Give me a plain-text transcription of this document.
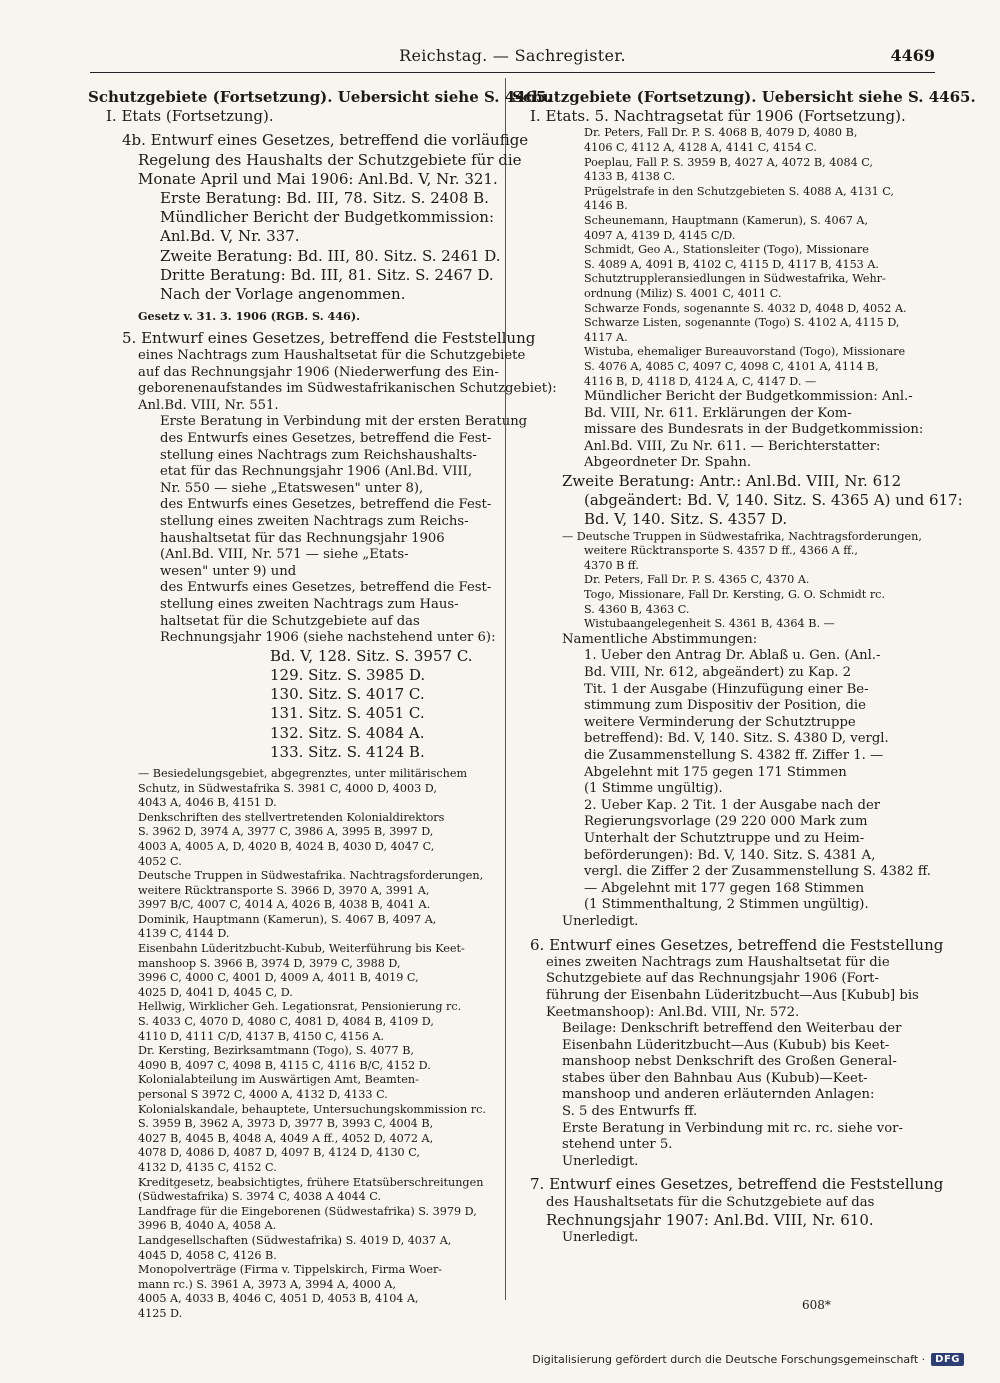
Reichstag. — Sachregister.	4469
Schutzgebiete (Fortsetzung). Uebersicht siehe S. 4465.
I. Etats (Fortsetzung).
4b. Entwurf eines Gesetzes, betreffend die vorläufige
Regelung des Haushalts der Schutzgebiete für die
Monate April und Mai 1906: Anl.Bd. V, Nr. 321.
Erste Beratung: Bd. III, 78. Sitz. S. 2408 B.
Mündlicher Bericht der Budgetkommission:
Anl.Bd. V, Nr. 337.
Zweite Beratung: Bd. III, 80. Sitz. S. 2461 D.
Dritte Beratung: Bd. III, 81. Sitz. S. 2467 D.
Nach der Vorlage angenommen.
Gesetz v. 31. 3. 1906 (RGB. S. 446).
5. Entwurf eines Gesetzes, betreffend die Feststellung
eines Nachtrags zum Haushaltsetat für die Schutzgebiete
auf das Rechnungsjahr 1906 (Niederwerfung des Ein-
geborenenaufstandes im Südwestafrikanischen Schutzgebiet):
Anl.Bd. VIII, Nr. 551.
Erste Beratung in Verbindung mit der ersten Beratung
des Entwurfs eines Gesetzes, betreffend die Fest-
stellung eines Nachtrags zum Reichshaushalts-
etat für das Rechnungsjahr 1906 (Anl.Bd. VIII,
Nr. 550 — siehe „Etatswesen" unter 8),
des Entwurfs eines Gesetzes, betreffend die Fest-
stellung eines zweiten Nachtrags zum Reichs-
haushaltsetat für das Rechnungsjahr 1906
(Anl.Bd. VIII, Nr. 571 — siehe „Etats-
wesen" unter 9) und
des Entwurfs eines Gesetzes, betreffend die Fest-
stellung eines zweiten Nachtrags zum Haus-
haltsetat für die Schutzgebiete auf das
Rechnungsjahr 1906 (siehe nachstehend unter 6):
Bd. V, 128. Sitz. S. 3957 C.
129. Sitz. S. 3985 D.
130. Sitz. S. 4017 C.
131. Sitz. S. 4051 C.
132. Sitz. S. 4084 A.
133. Sitz. S. 4124 B.
— Besiedelungsgebiet, abgegrenztes, unter militärischem
Schutz, in Südwestafrika S. 3981 C, 4000 D, 4003 D,
4043 A, 4046 B, 4151 D.
Denkschriften des stellvertretenden Kolonialdirektors
S. 3962 D, 3974 A, 3977 C, 3986 A, 3995 B, 3997 D,
4003 A, 4005 A, D, 4020 B, 4024 B, 4030 D, 4047 C,
4052 C.
Deutsche Truppen in Südwestafrika. Nachtragsforderungen,
weitere Rücktransporte S. 3966 D, 3970 A, 3991 A,
3997 B/C, 4007 C, 4014 A, 4026 B, 4038 B, 4041 A.
Dominik, Hauptmann (Kamerun), S. 4067 B, 4097 A,
4139 C, 4144 D.
Eisenbahn Lüderitzbucht-Kubub, Weiterführung bis Keet-
manshoop S. 3966 B, 3974 D, 3979 C, 3988 D,
3996 C, 4000 C, 4001 D, 4009 A, 4011 B, 4019 C,
4025 D, 4041 D, 4045 C, D.
Hellwig, Wirklicher Geh. Legationsrat, Pensionierung rc.
S. 4033 C, 4070 D, 4080 C, 4081 D, 4084 B, 4109 D,
4110 D, 4111 C/D, 4137 B, 4150 C, 4156 A.
Dr. Kersting, Bezirksamtmann (Togo), S. 4077 B,
4090 B, 4097 C, 4098 B, 4115 C, 4116 B/C, 4152 D.
Kolonialabteilung im Auswärtigen Amt, Beamten-
personal S 3972 C, 4000 A, 4132 D, 4133 C.
Kolonialskandale, behauptete, Untersuchungskommission rc.
S. 3959 B, 3962 A, 3973 D, 3977 B, 3993 C, 4004 B,
4027 B, 4045 B, 4048 A, 4049 A ff., 4052 D, 4072 A,
4078 D, 4086 D, 4087 D, 4097 B, 4124 D, 4130 C,
4132 D, 4135 C, 4152 C.
Kreditgesetz, beabsichtigtes, frühere Etatsüberschreitungen
(Südwestafrika) S. 3974 C, 4038 A 4044 C.
Landfrage für die Eingeborenen (Südwestafrika) S. 3979 D,
3996 B, 4040 A, 4058 A.
Landgesellschaften (Südwestafrika) S. 4019 D, 4037 A,
4045 D, 4058 C, 4126 B.
Monopolverträge (Firma v. Tippelskirch, Firma Woer-
mann rc.) S. 3961 A, 3973 A, 3994 A, 4000 A,
4005 A, 4033 B, 4046 C, 4051 D, 4053 B, 4104 A,
4125 D.
Schutzgebiete (Fortsetzung). Uebersicht siehe S. 4465.
I. Etats. 5. Nachtragsetat für 1906 (Fortsetzung).
Dr. Peters, Fall Dr. P. S. 4068 B, 4079 D, 4080 B,
4106 C, 4112 A, 4128 A, 4141 C, 4154 C.
Poeplau, Fall P. S. 3959 B, 4027 A, 4072 B, 4084 C,
4133 B, 4138 C.
Prügelstrafe in den Schutzgebieten S. 4088 A, 4131 C,
4146 B.
Scheunemann, Hauptmann (Kamerun), S. 4067 A,
4097 A, 4139 D, 4145 C/D.
Schmidt, Geo A., Stationsleiter (Togo), Missionare
S. 4089 A, 4091 B, 4102 C, 4115 D, 4117 B, 4153 A.
Schutztruppleransiedlungen in Südwestafrika, Wehr-
ordnung (Miliz) S. 4001 C, 4011 C.
Schwarze Fonds, sogenannte S. 4032 D, 4048 D, 4052 A.
Schwarze Listen, sogenannte (Togo) S. 4102 A, 4115 D,
4117 A.
Wistuba, ehemaliger Bureauvorstand (Togo), Missionare
S. 4076 A, 4085 C, 4097 C, 4098 C, 4101 A, 4114 B,
4116 B, D, 4118 D, 4124 A, C, 4147 D. —
Mündlicher Bericht der Budgetkommission: Anl.-
Bd. VIII, Nr. 611. Erklärungen der Kom-
missare des Bundesrats in der Budgetkommission:
Anl.Bd. VIII, Zu Nr. 611. — Berichterstatter:
Abgeordneter Dr. Spahn.
Zweite Beratung: Antr.: Anl.Bd. VIII, Nr. 612
(abgeändert: Bd. V, 140. Sitz. S. 4365 A) und 617:
Bd. V, 140. Sitz. S. 4357 D.
— Deutsche Truppen in Südwestafrika, Nachtragsforderungen,
weitere Rücktransporte S. 4357 D ff., 4366 A ff.,
4370 B ff.
Dr. Peters, Fall Dr. P. S. 4365 C, 4370 A.
Togo, Missionare, Fall Dr. Kersting, G. O. Schmidt rc.
S. 4360 B, 4363 C.
Wistubaangelegenheit S. 4361 B, 4364 B. —
Namentliche Abstimmungen:
1. Ueber den Antrag Dr. Ablaß u. Gen. (Anl.-
Bd. VIII, Nr. 612, abgeändert) zu Kap. 2
Tit. 1 der Ausgabe (Hinzufügung einer Be-
stimmung zum Dispositiv der Position, die
weitere Verminderung der Schutztruppe
betreffend): Bd. V, 140. Sitz. S. 4380 D, vergl.
die Zusammenstellung S. 4382 ff. Ziffer 1. —
Abgelehnt mit 175 gegen 171 Stimmen
(1 Stimme ungültig).
2. Ueber Kap. 2 Tit. 1 der Ausgabe nach der
Regierungsvorlage (29 220 000 Mark zum
Unterhalt der Schutztruppe und zu Heim-
beförderungen): Bd. V, 140. Sitz. S. 4381 A,
vergl. die Ziffer 2 der Zusammenstellung S. 4382 ff.
— Abgelehnt mit 177 gegen 168 Stimmen
(1 Stimmenthaltung, 2 Stimmen ungültig).
Unerledigt.
6. Entwurf eines Gesetzes, betreffend die Feststellung
eines zweiten Nachtrags zum Haushaltsetat für die
Schutzgebiete auf das Rechnungsjahr 1906 (Fort-
führung der Eisenbahn Lüderitzbucht—Aus [Kubub] bis
Keetmanshoop): Anl.Bd. VIII, Nr. 572.
Beilage: Denkschrift betreffend den Weiterbau der
Eisenbahn Lüderitzbucht—Aus (Kubub) bis Keet-
manshoop nebst Denkschrift des Großen General-
stabes über den Bahnbau Aus (Kubub)—Keet-
manshoop und anderen erläuternden Anlagen:
S. 5 des Entwurfs ff.
Erste Beratung in Verbindung mit rc. rc. siehe vor-
stehend unter 5.
Unerledigt.
7. Entwurf eines Gesetzes, betreffend die Feststellung
des Haushaltsetats für die Schutzgebiete auf das
Rechnungsjahr 1907: Anl.Bd. VIII, Nr. 610.
Unerledigt.
608*
Digitalisierung gefördert durch die Deutsche Forschungsgemeinschaft ·	DFG
